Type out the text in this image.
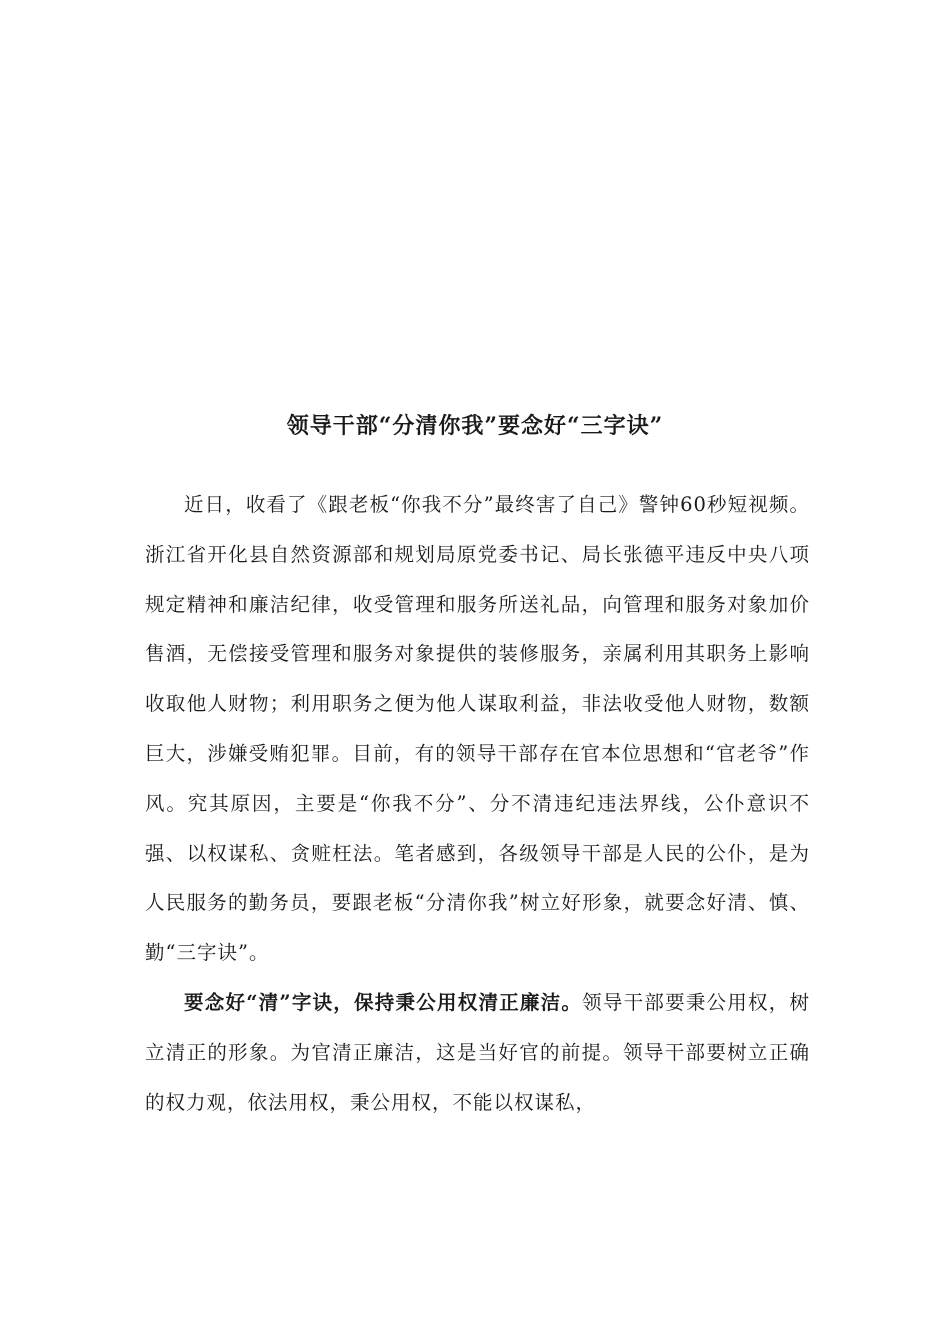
领导干部“分清你我”要念好“三字诀”

近日，收看了《跟老板“你我不分”最终害了自己》警钟60秒短视频。浙江省开化县自然资源部和规划局原党委书记、局长张德平违反中央八项规定精神和廉洁纪律，收受管理和服务所送礼品，向管理和服务对象加价售酒，无偿接受管理和服务对象提供的装修服务，亲属利用其职务上影响收取他人财物；利用职务之便为他人谋取利益，非法收受他人财物，数额巨大，涉嫌受贿犯罪。目前，有的领导干部存在官本位思想和“官老爷”作风。究其原因，主要是“你我不分”、分不清违纪违法界线，公仆意识不强、以权谋私、贪赃枉法。笔者感到，各级领导干部是人民的公仆，是为人民服务的勤务员，要跟老板“分清你我”树立好形象，就要念好清、慎、勤“三字诀”。

要念好“清”字诀，保持秉公用权清正廉洁。领导干部要秉公用权，树立清正的形象。为官清正廉洁，这是当好官的前提。领导干部要树立正确的权力观，依法用权，秉公用权，不能以权谋私，
